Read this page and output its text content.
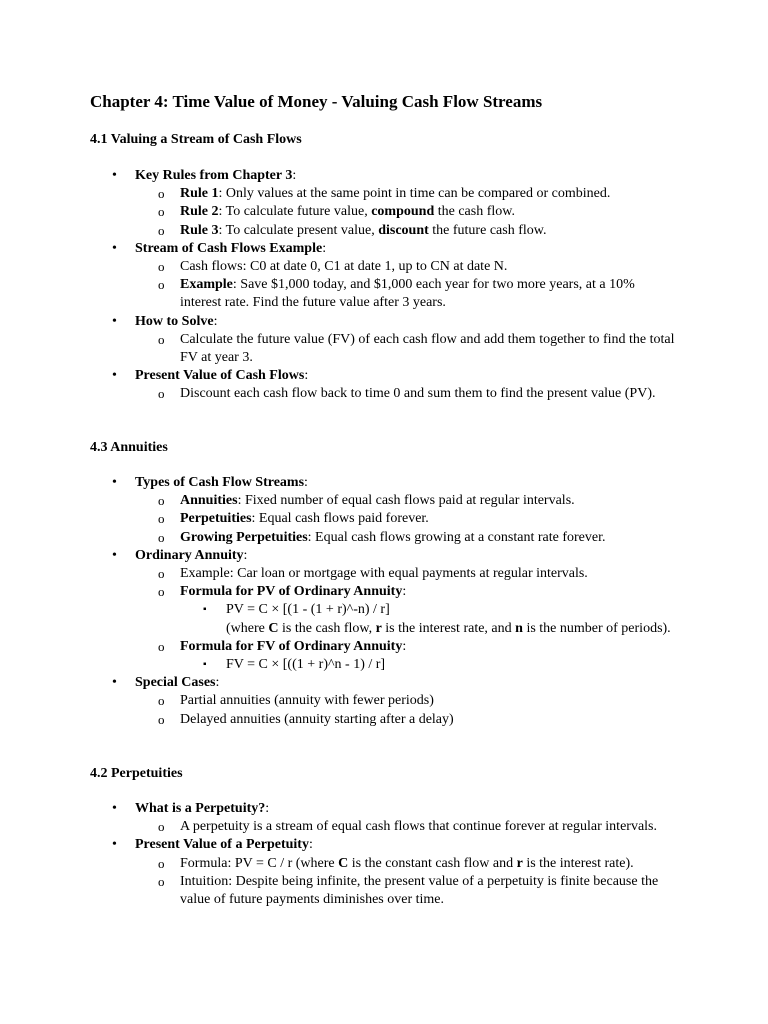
Chapter 4: Time Value of Money - Valuing Cash Flow Streams
4.1 Valuing a Stream of Cash Flows
• Key Rules from Chapter 3:
o Rule 1: Only values at the same point in time can be compared or combined.
o Rule 2: To calculate future value, compound the cash flow.
o Rule 3: To calculate present value, discount the future cash flow.
• Stream of Cash Flows Example:
o Cash flows: C0 at date 0, C1 at date 1, up to CN at date N.
o Example: Save $1,000 today, and $1,000 each year for two more years, at a 10% interest rate. Find the future value after 3 years.
• How to Solve:
o Calculate the future value (FV) of each cash flow and add them together to find the total FV at year 3.
• Present Value of Cash Flows:
o Discount each cash flow back to time 0 and sum them to find the present value (PV).
4.3 Annuities
• Types of Cash Flow Streams:
o Annuities: Fixed number of equal cash flows paid at regular intervals.
o Perpetuities: Equal cash flows paid forever.
o Growing Perpetuities: Equal cash flows growing at a constant rate forever.
• Ordinary Annuity:
o Example: Car loan or mortgage with equal payments at regular intervals.
o Formula for PV of Ordinary Annuity:
▪ PV = C × [(1 - (1 + r)^-n) / r]
(where C is the cash flow, r is the interest rate, and n is the number of periods).
o Formula for FV of Ordinary Annuity:
▪ FV = C × [((1 + r)^n - 1) / r]
• Special Cases:
o Partial annuities (annuity with fewer periods)
o Delayed annuities (annuity starting after a delay)
4.2 Perpetuities
• What is a Perpetuity?:
o A perpetuity is a stream of equal cash flows that continue forever at regular intervals.
• Present Value of a Perpetuity:
o Formula: PV = C / r (where C is the constant cash flow and r is the interest rate).
o Intuition: Despite being infinite, the present value of a perpetuity is finite because the value of future payments diminishes over time.
